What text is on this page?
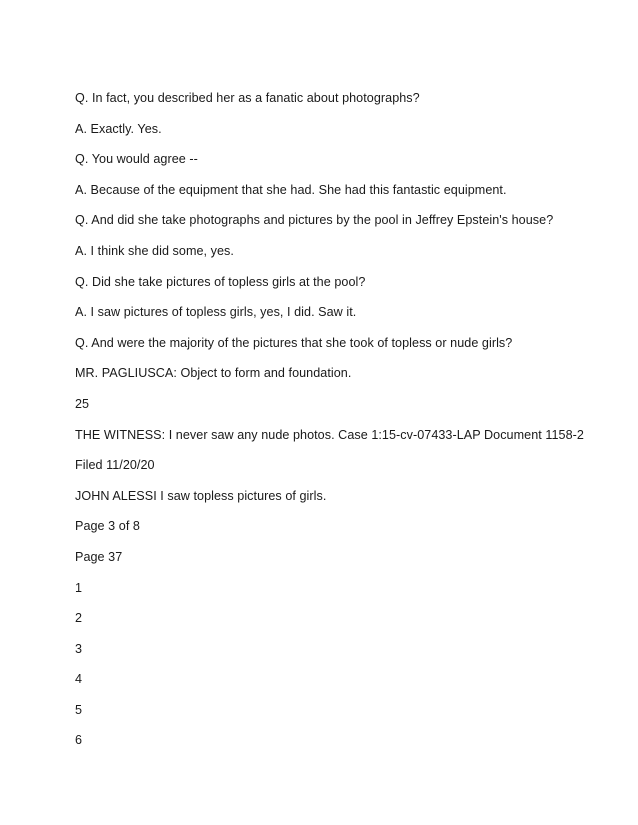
Q. In fact, you described her as a fanatic about photographs?
A. Exactly. Yes.
Q. You would agree --
A. Because of the equipment that she had. She had this fantastic equipment.
Q. And did she take photographs and pictures by the pool in Jeffrey Epstein's house?
A. I think she did some, yes.
Q. Did she take pictures of topless girls at the pool?
A. I saw pictures of topless girls, yes, I did. Saw it.
Q. And were the majority of the pictures that she took of topless or nude girls?
MR. PAGLIUSCA: Object to form and foundation.
25
THE WITNESS: I never saw any nude photos. Case 1:15-cv-07433-LAP Document 1158-2
Filed 11/20/20
JOHN ALESSI I saw topless pictures of girls.
Page 3 of 8
Page 37
1
2
3
4
5
6
